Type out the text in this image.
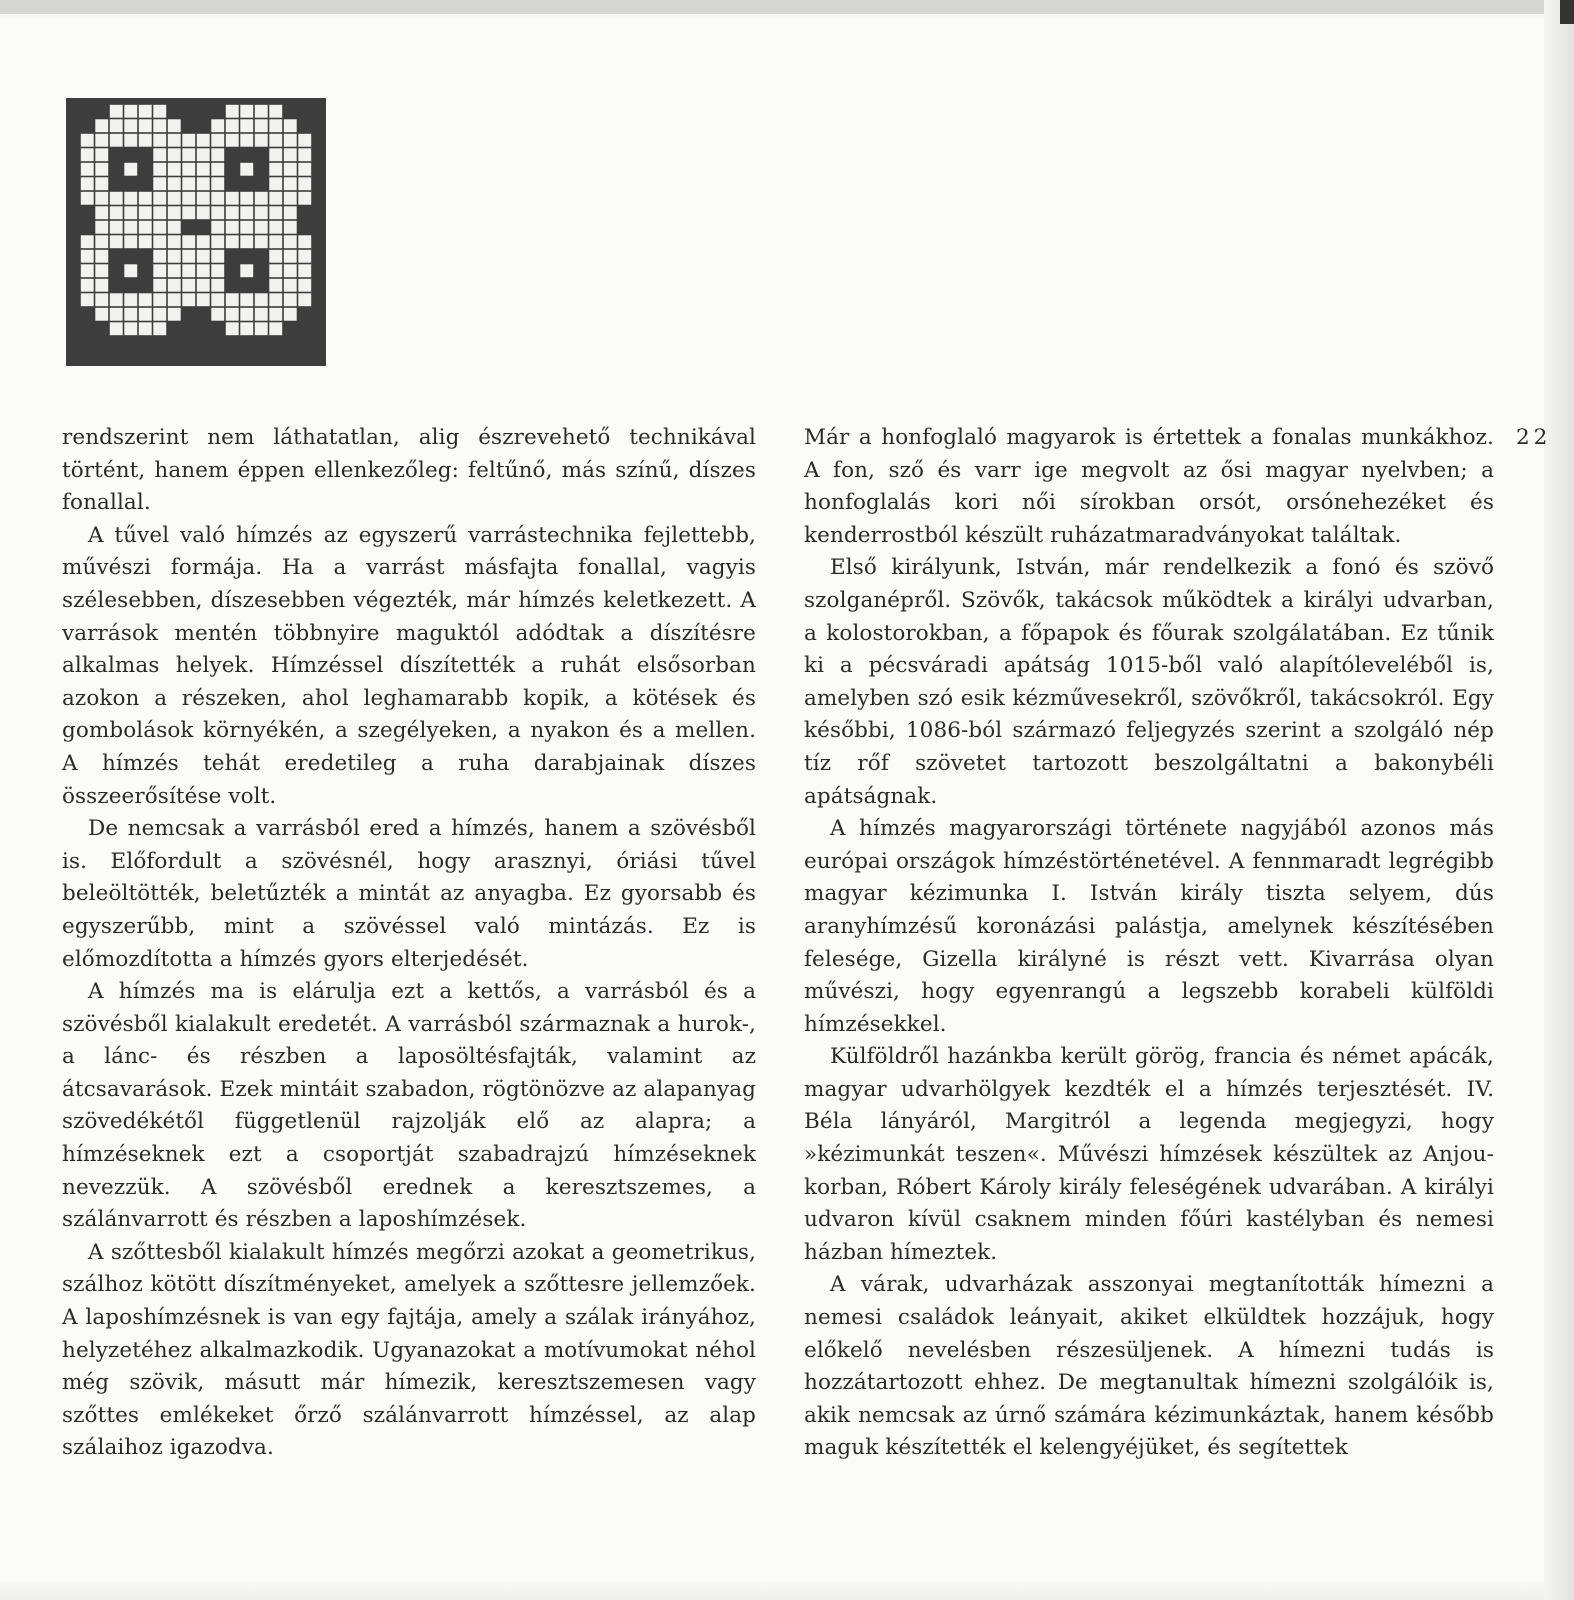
rendszerint nem láthatatlan, alig észrevehető technikával történt, hanem éppen ellenkezőleg: feltűnő, más színű, díszes fonallal.

A tűvel való hímzés az egyszerű varrástechnika fejlettebb, művészi formája. Ha a varrást másfajta fonallal, vagyis szélesebben, díszesebben végezték, már hímzés keletkezett. A varrások mentén többnyire maguktól adódtak a díszítésre alkalmas helyek. Hímzéssel díszítették a ruhát elsősorban azokon a részeken, ahol leghamarabb kopik, a kötések és gombolások környékén, a szegélyeken, a nyakon és a mellen. A hímzés tehát eredetileg a ruha darabjainak díszes összeerősítése volt.

De nemcsak a varrásból ered a hímzés, hanem a szövésből is. Előfordult a szövésnél, hogy arasznyi, óriási tűvel beleöltötték, beletűzték a mintát az anyagba. Ez gyorsabb és egyszerűbb, mint a szövéssel való mintázás. Ez is előmozdította a hímzés gyors elterjedését.

A hímzés ma is elárulja ezt a kettős, a varrásból és a szövésből kialakult eredetét. A varrásból származnak a hurok-, a lánc- és részben a laposöltésfajták, valamint az átcsavarások. Ezek mintáit szabadon, rögtönözve az alapanyag szövedékétől függetlenül rajzolják elő az alapra; a hímzéseknek ezt a csoportját szabadrajzú hímzéseknek nevezzük. A szövésből erednek a keresztszemes, a szálánvarrott és részben a laposhímzések.

A szőttesből kialakult hímzés megőrzi azokat a geometrikus, szálhoz kötött díszítményeket, amelyek a szőttesre jellemzőek. A laposhímzésnek is van egy fajtája, amely a szálak irányához, helyzetéhez alkalmazkodik. Ugyanazokat a motívumokat néhol még szövik, másutt már hímezik, keresztszemesen vagy szőttes emlékeket őrző szálánvarrott hímzéssel, az alap szálaihoz igazodva.

Már a honfoglaló magyarok is értettek a fonalas munkákhoz. A fon, sző és varr ige megvolt az ősi magyar nyelvben; a honfoglalás kori női sírokban orsót, orsónehezéket és kenderrostból készült ruházatmaradványokat találtak.

Első királyunk, István, már rendelkezik a fonó és szövő szolganépről. Szövők, takácsok működtek a királyi udvarban, a kolostorokban, a főpapok és főurak szolgálatában. Ez tűnik ki a pécsváradi apátság 1015-ből való alapítóleveléből is, amelyben szó esik kézművesekről, szövőkről, takácsokról. Egy későbbi, 1086-ból származó feljegyzés szerint a szolgáló nép tíz rőf szövetet tartozott beszolgáltatni a bakonybéli apátságnak.

A hímzés magyarországi története nagyjából azonos más európai országok hímzéstörténetével. A fennmaradt legrégibb magyar kézimunka I. István király tiszta selyem, dús aranyhímzésű koronázási palástja, amelynek készítésében felesége, Gizella királyné is részt vett. Kivarrása olyan művészi, hogy egyenrangú a legszebb korabeli külföldi hímzésekkel.

Külföldről hazánkba került görög, francia és német apácák, magyar udvarhölgyek kezdték el a hímzés terjesztését. IV. Béla lányáról, Margitról a legenda megjegyzi, hogy »kézimunkát teszen«. Művészi hímzések készültek az Anjou-korban, Róbert Károly király feleségének udvarában. A királyi udvaron kívül csaknem minden főúri kastélyban és nemesi házban hímeztek.

A várak, udvarházak asszonyai megtanították hímezni a nemesi családok leányait, akiket elküldtek hozzájuk, hogy előkelő nevelésben részesüljenek. A hímezni tudás is hozzátartozott ehhez. De megtanultak hímezni szolgálóik is, akik nemcsak az úrnő számára kézimunkáztak, hanem később maguk készítették el kelengyéjüket, és segítettek

22
